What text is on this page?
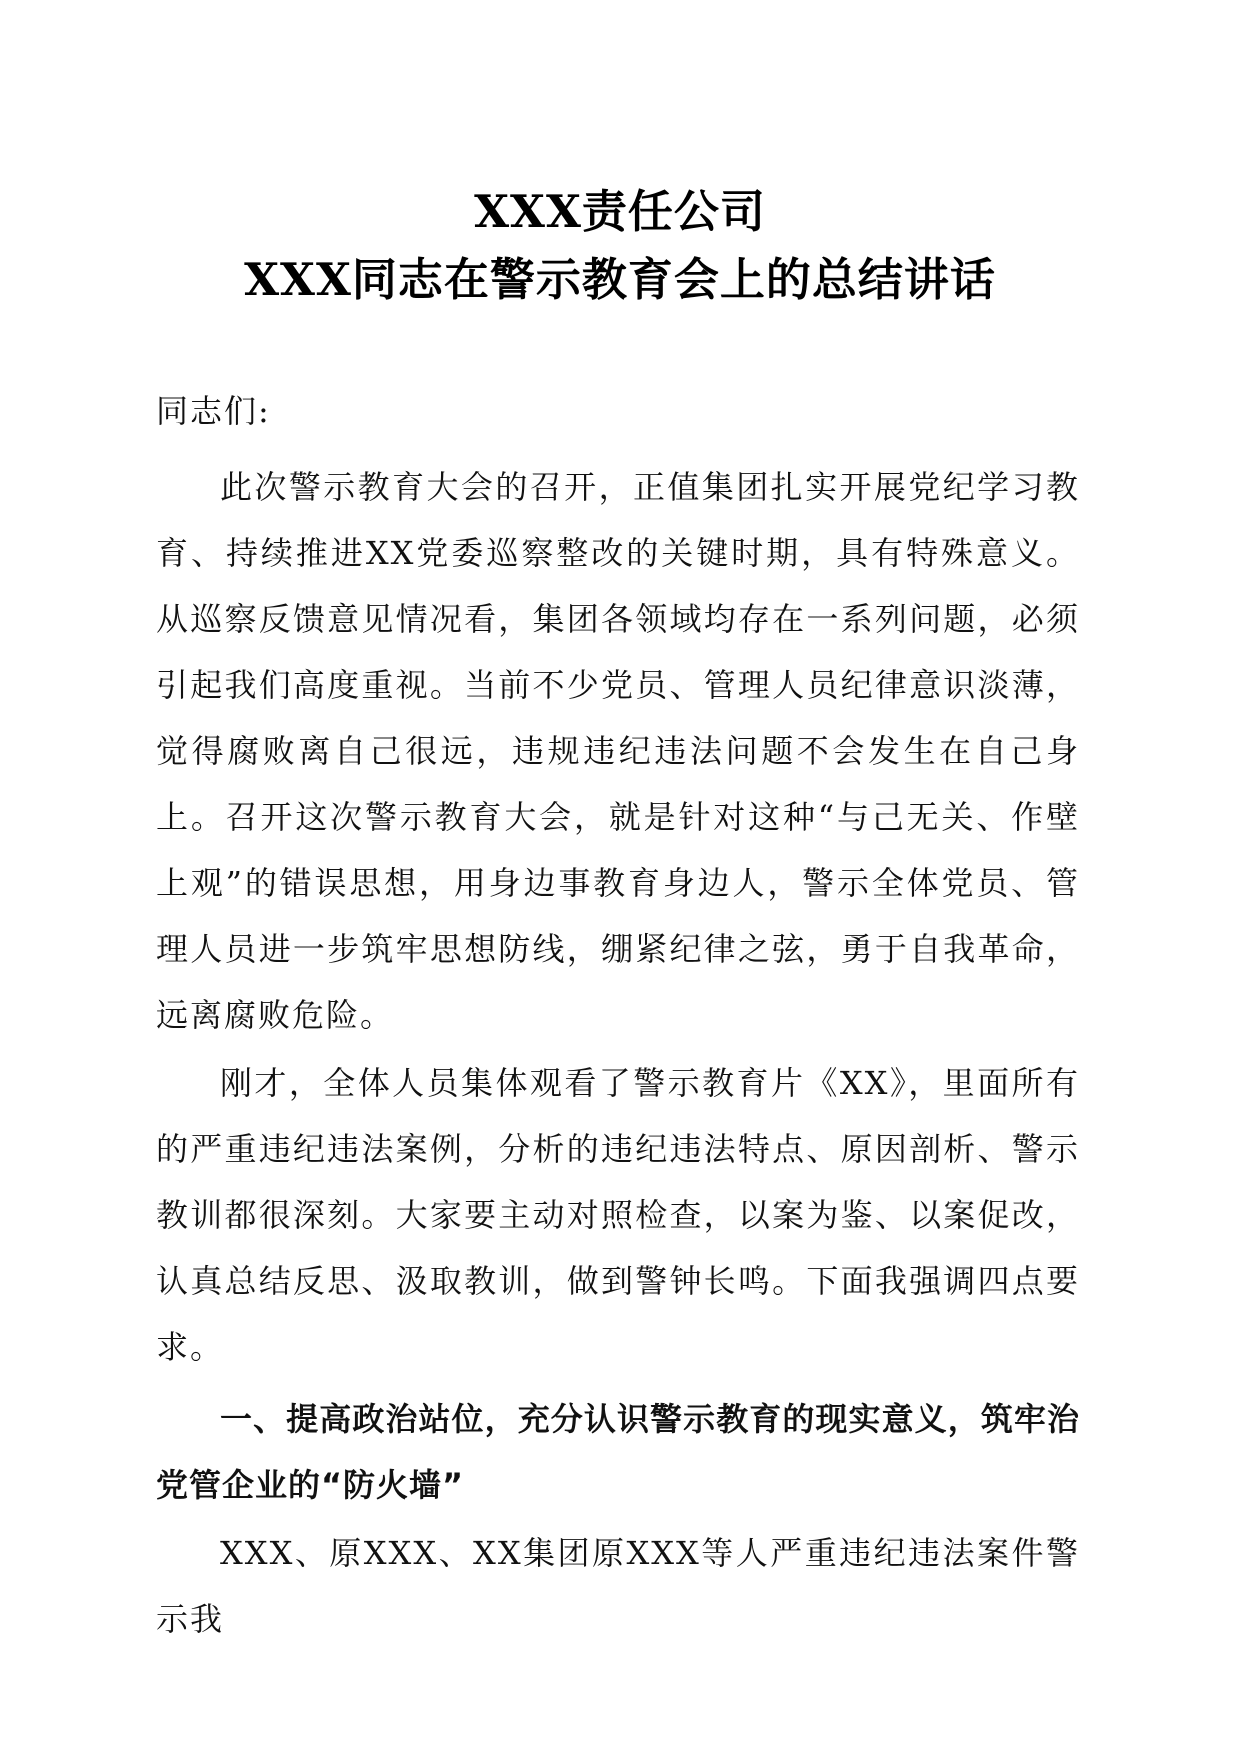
XXX责任公司
XXX同志在警示教育会上的总结讲话

同志们:

此次警示教育大会的召开，正值集团扎实开展党纪学习教育、持续推进XX党委巡察整改的关键时期，具有特殊意义。从巡察反馈意见情况看，集团各领域均存在一系列问题，必须引起我们高度重视。当前不少党员、管理人员纪律意识淡薄，觉得腐败离自己很远，违规违纪违法问题不会发生在自己身上。召开这次警示教育大会，就是针对这种“与己无关、作壁上观”的错误思想，用身边事教育身边人，警示全体党员、管理人员进一步筑牢思想防线，绷紧纪律之弦，勇于自我革命，远离腐败危险。

刚才，全体人员集体观看了警示教育片《XX》，里面所有的严重违纪违法案例，分析的违纪违法特点、原因剖析、警示教训都很深刻。大家要主动对照检查，以案为鉴、以案促改，认真总结反思、汲取教训，做到警钟长鸣。下面我强调四点要求。

一、提高政治站位，充分认识警示教育的现实意义，筑牢治党管企业的“防火墙”

XXX、原XXX、XX集团原XXX等人严重违纪违法案件警示我
